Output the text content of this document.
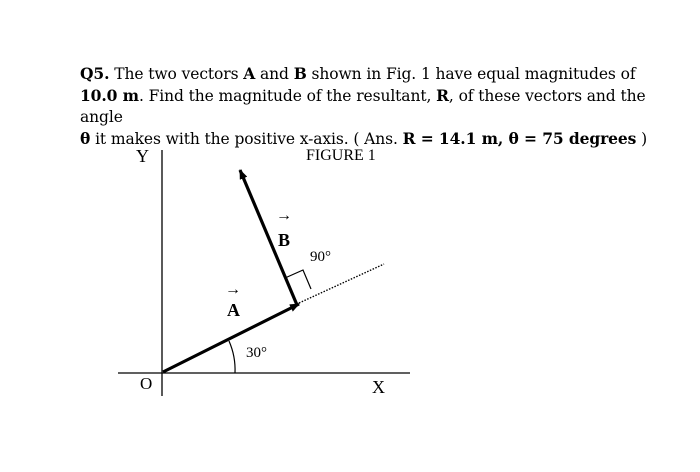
Q5. The two vectors A and B shown in Fig. 1 have equal magnitudes of
10.0 m. Find the magnitude of the resultant, R, of these vectors and the angle
θ it makes with the positive x-axis. ( Ans. R = 14.1 m, θ = 75 degrees )
Y	FIGURE 1
→
B
90°
→
A
30°
O	X
